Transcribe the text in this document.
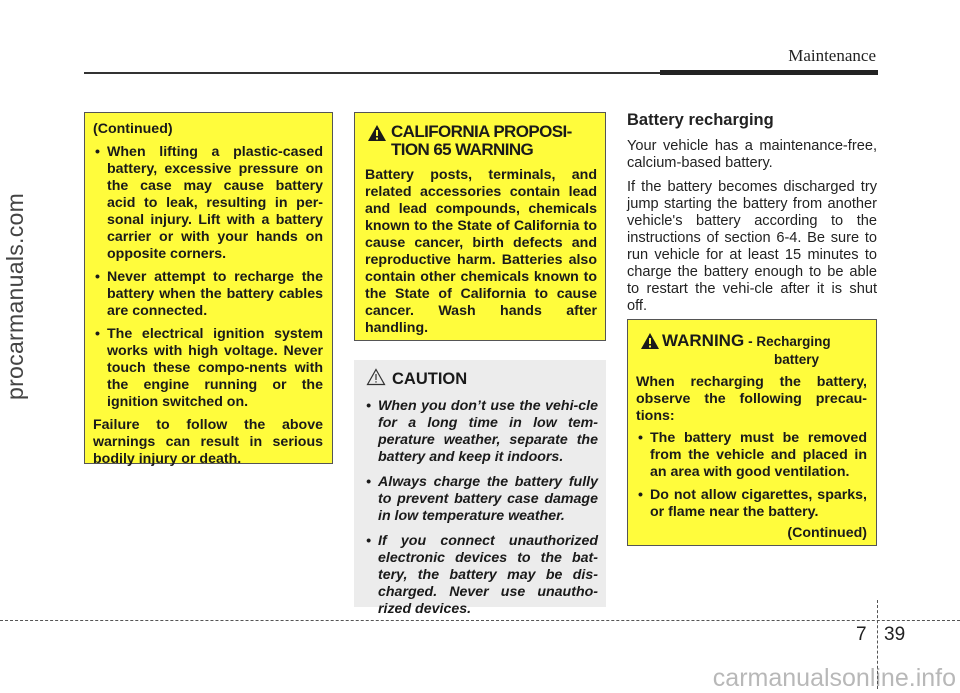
Maintenance
procarmanuals.com
carmanualsonline.info
7 39

(Continued)

• When lifting a plastic-cased battery, excessive pressure on the case may cause battery acid to leak, resulting in per-sonal injury. Lift with a battery carrier or with your hands on opposite corners.
• Never attempt to recharge the battery when the battery cables are connected.
• The electrical ignition system works with high voltage. Never touch these compo-nents with the engine running or the ignition switched on.

Failure to follow the above warnings can result in serious bodily injury or death.

CALIFORNIA PROPOSI-TION 65 WARNING

Battery posts, terminals, and related accessories contain lead and lead compounds, chemicals known to the State of California to cause cancer, birth defects and reproductive harm. Batteries also contain other chemicals known to the State of California to cause cancer. Wash hands after handling.

CAUTION
• When you don’t use the vehi-cle for a long time in low tem-perature weather, separate the battery and keep it indoors.
• Always charge the battery fully to prevent battery case damage in low temperature weather.
• If you connect unauthorized electronic devices to the bat-tery, the battery may be dis-charged. Never use unautho-rized devices.
Battery recharging

Your vehicle has a maintenance-free, calcium-based battery.

If the battery becomes discharged try jump starting the battery from another vehicle's battery according to the instructions of section 6-4. Be sure to run vehicle for at least 15 minutes to charge the battery enough to be able to restart the vehi-cle after it is shut off.

WARNING - Recharging
battery

When recharging the battery, observe the following precau-tions:

• The battery must be removed from the vehicle and placed in an area with good ventilation.
• Do not allow cigarettes, sparks, or flame near the battery.

(Continued)
